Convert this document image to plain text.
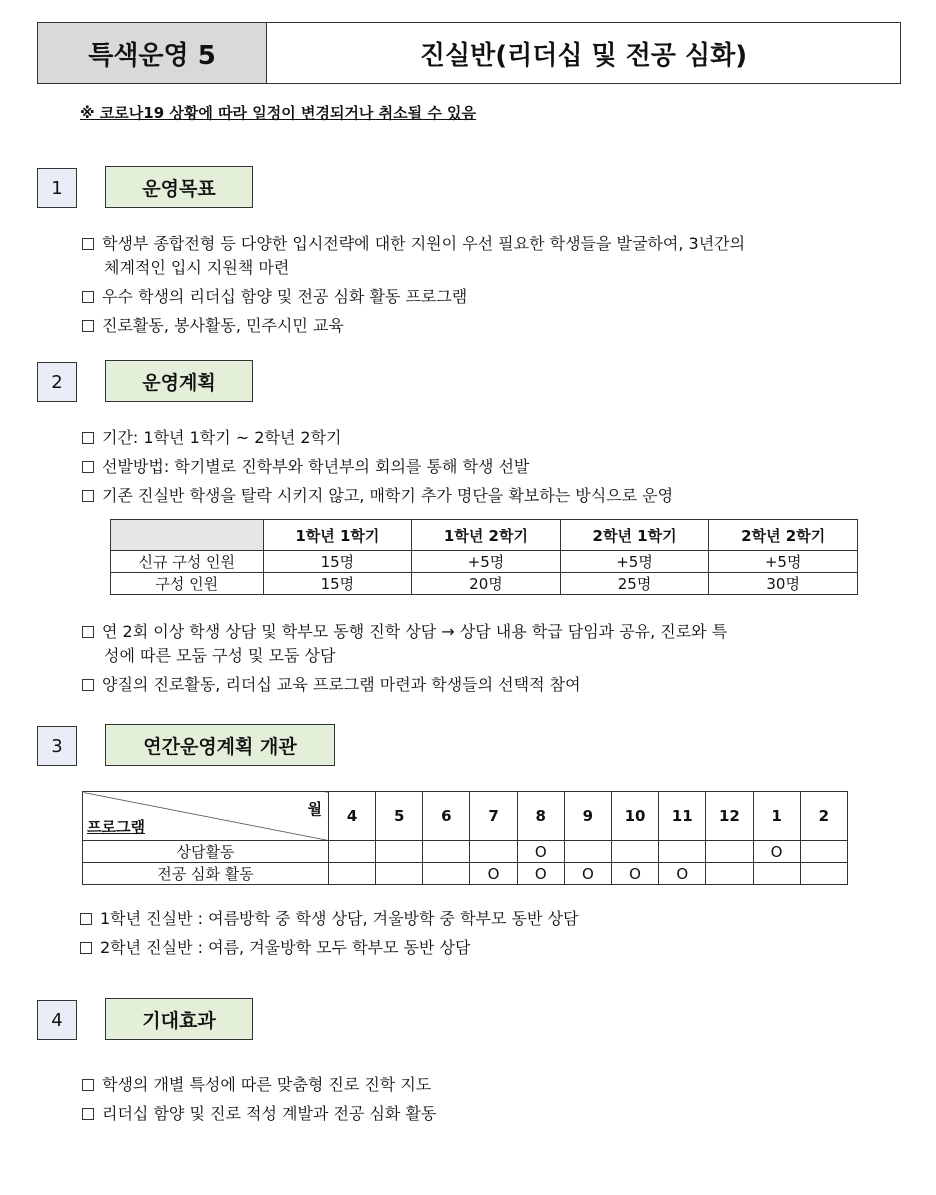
특색운영 5	진실반(리더십 및 전공 심화)
※ 코로나19 상황에 따라 일정이 변경되거나 취소될 수 있음
1	운영목표
학생부 종합전형 등 다양한 입시전략에 대한 지원이 우선 필요한 학생들을 발굴하여, 3년간의
체계적인 입시 지원책 마련
우수 학생의 리더십 함양 및 전공 심화 활동 프로그램
진로활동, 봉사활동, 민주시민 교육
2	운영계획
기간: 1학년 1학기 ~ 2학년 2학기
선발방법: 학기별로 진학부와 학년부의 회의를 통해 학생 선발
기존 진실반 학생을 탈락 시키지 않고, 매학기 추가 명단을 확보하는 방식으로 운영
	1학년 1학기	1학년 2학기	2학년 1학기	2학년 2학기
신규 구성 인원	15명	+5명	+5명	+5명
구성 인원	15명	20명	25명	30명
연 2회 이상 학생 상담 및 학부모 동행 진학 상담 → 상담 내용 학급 담임과 공유, 진로와 특
성에 따른 모둠 구성 및 모둠 상담
양질의 진로활동, 리더십 교육 프로그램 마련과 학생들의 선택적 참여
3	연간운영계획 개관
월
프로그램	4	5	6	7	8	9	10	11	12	1	2
상담활동					O					O	
전공 심화 활동				O	O	O	O	O			
1학년 진실반 : 여름방학 중 학생 상담, 겨울방학 중 학부모 동반 상담
2학년 진실반 : 여름, 겨울방학 모두 학부모 동반 상담
4	기대효과
학생의 개별 특성에 따른 맞춤형 진로 진학 지도
리더십 함양 및 진로 적성 계발과 전공 심화 활동
